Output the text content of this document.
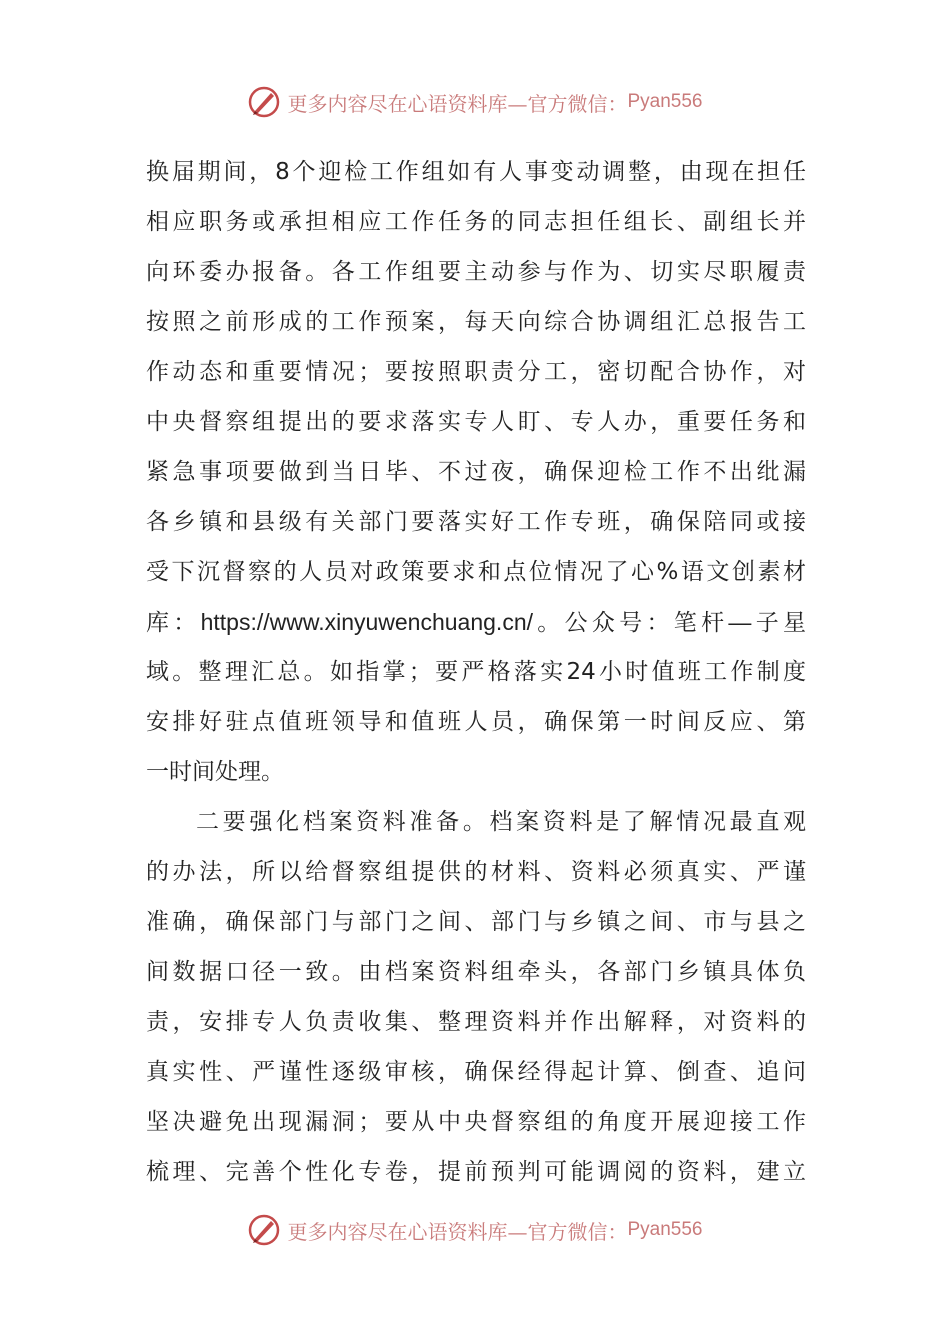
更多内容尽在心语资料库—官方微信： Pyan556
换届期间，8个迎检工作组如有人事变动调整，由现在担任
相应职务或承担相应工作任务的同志担任组长、副组长并
向环委办报备。各工作组要主动参与作为、切实尽职履责
按照之前形成的工作预案，每天向综合协调组汇总报告工
作动态和重要情况；要按照职责分工，密切配合协作，对
中央督察组提出的要求落实专人盯、专人办，重要任务和
紧急事项要做到当日毕、不过夜，确保迎检工作不出纰漏
各乡镇和县级有关部门要落实好工作专班，确保陪同或接
受下沉督察的人员对政策要求和点位情况了心%语文创素材
库：https://www.xinyuwenchuang.cn/。公众号：笔杆—子星
域。整理汇总。如指掌；要严格落实24小时值班工作制度
安排好驻点值班领导和值班人员，确保第一时间反应、第
一时间处理。
二要强化档案资料准备。档案资料是了解情况最直观
的办法，所以给督察组提供的材料、资料必须真实、严谨
准确，确保部门与部门之间、部门与乡镇之间、市与县之
间数据口径一致。由档案资料组牵头，各部门乡镇具体负
责，安排专人负责收集、整理资料并作出解释，对资料的
真实性、严谨性逐级审核，确保经得起计算、倒查、追问
坚决避免出现漏洞；要从中央督察组的角度开展迎接工作
梳理、完善个性化专卷，提前预判可能调阅的资料，建立
更多内容尽在心语资料库—官方微信： Pyan556
